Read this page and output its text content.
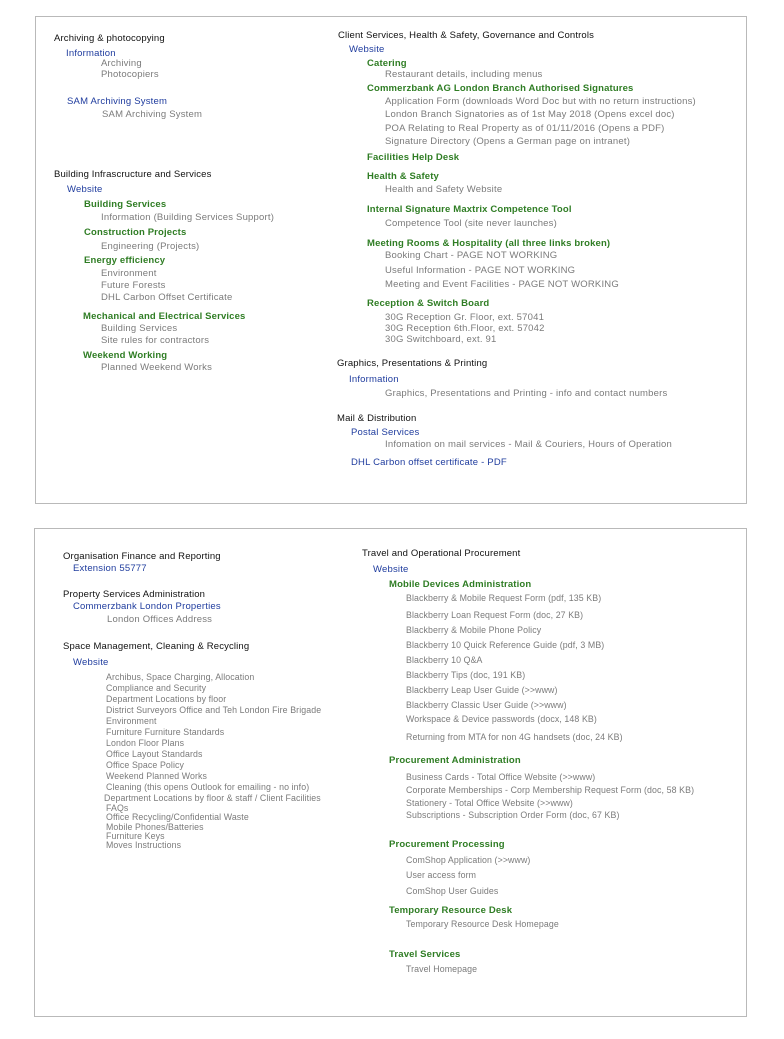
Archiving & photocopying

Information
Archiving
Photocopiers
SAM Archiving System
SAM Archiving System

Building Infrascructure and Services

Website
Building Services
Information (Building Services Support)
Construction Projects
Engineering (Projects)
Energy efficiency
Environment
Future Forests
DHL Carbon Offset Certificate
Mechanical and Electrical Services
Building Services
Site rules for contractors
Weekend Working
Planned Weekend Works

Client Services, Health & Safety, Governance and Controls

Website
Catering
Restaurant details, including menus
Commerzbank AG London Branch Authorised Signatures
Application Form (downloads Word Doc but with no return instructions)
London Branch Signatories as of 1st May 2018 (Opens excel doc)
POA Relating to Real Property as of 01/11/2016 (Opens a PDF)
Signature Directory (Opens a German page on intranet)
Facilities Help Desk
Health & Safety
Health and Safety Website
Internal Signature Maxtrix Competence Tool
Competence Tool (site never launches)
Meeting Rooms & Hospitality (all three links broken)
Booking Chart - PAGE NOT WORKING
Useful Information - PAGE NOT WORKING
Meeting and Event Facilities - PAGE NOT WORKING
Reception & Switch Board
30G Reception Gr. Floor, ext. 57041
30G Reception 6th.Floor, ext. 57042
30G Switchboard, ext. 91

Graphics, Presentations & Printing

Information
Graphics, Presentations and Printing - info and contact numbers

Mail & Distribution

Postal Services
Infomation on mail services - Mail & Couriers, Hours of Operation
DHL Carbon offset certificate - PDF

Organisation Finance and Reporting

Extension 55777

Property Services Administration

Commerzbank London Properties
London Offices Address

Space Management, Cleaning & Recycling

Website
Archibus, Space Charging, Allocation
Compliance and Security
Department Locations by floor
District Surveyors Office and Teh London Fire Brigade
Environment
Furniture Furniture Standards
London Floor Plans
Office Layout Standards
Office Space Policy
Weekend Planned Works
Cleaning (this opens Outlook for emailing - no info)
Department Locations by floor & staff / Client Facilities
FAQs
Office Recycling/Confidential Waste
Mobile Phones/Batteries
Furniture Keys
Moves Instructions

Travel and Operational Procurement

Website
Mobile Devices Administration
Blackberry & Mobile Request Form (pdf, 135 KB)
Blackberry Loan Request Form (doc, 27 KB)
Blackberry & Mobile Phone Policy
Blackberry 10 Quick Reference Guide (pdf, 3 MB)
Blackberry 10 Q&A
Blackberry Tips (doc, 191 KB)
Blackberry Leap User Guide (>>www)
Blackberry Classic User Guide (>>www)
Workspace & Device passwords (docx, 148 KB)
Returning from MTA for non 4G handsets (doc, 24 KB)
Procurement Administration
Business Cards - Total Office Website (>>www)
Corporate Memberships - Corp Membership Request Form (doc, 58 KB)
Stationery - Total Office Website (>>www)
Subscriptions - Subscription Order Form (doc, 67 KB)
Procurement Processing
ComShop Application (>>www)
User access form
ComShop User Guides
Temporary Resource Desk
Temporary Resource Desk Homepage
Travel Services
Travel Homepage
